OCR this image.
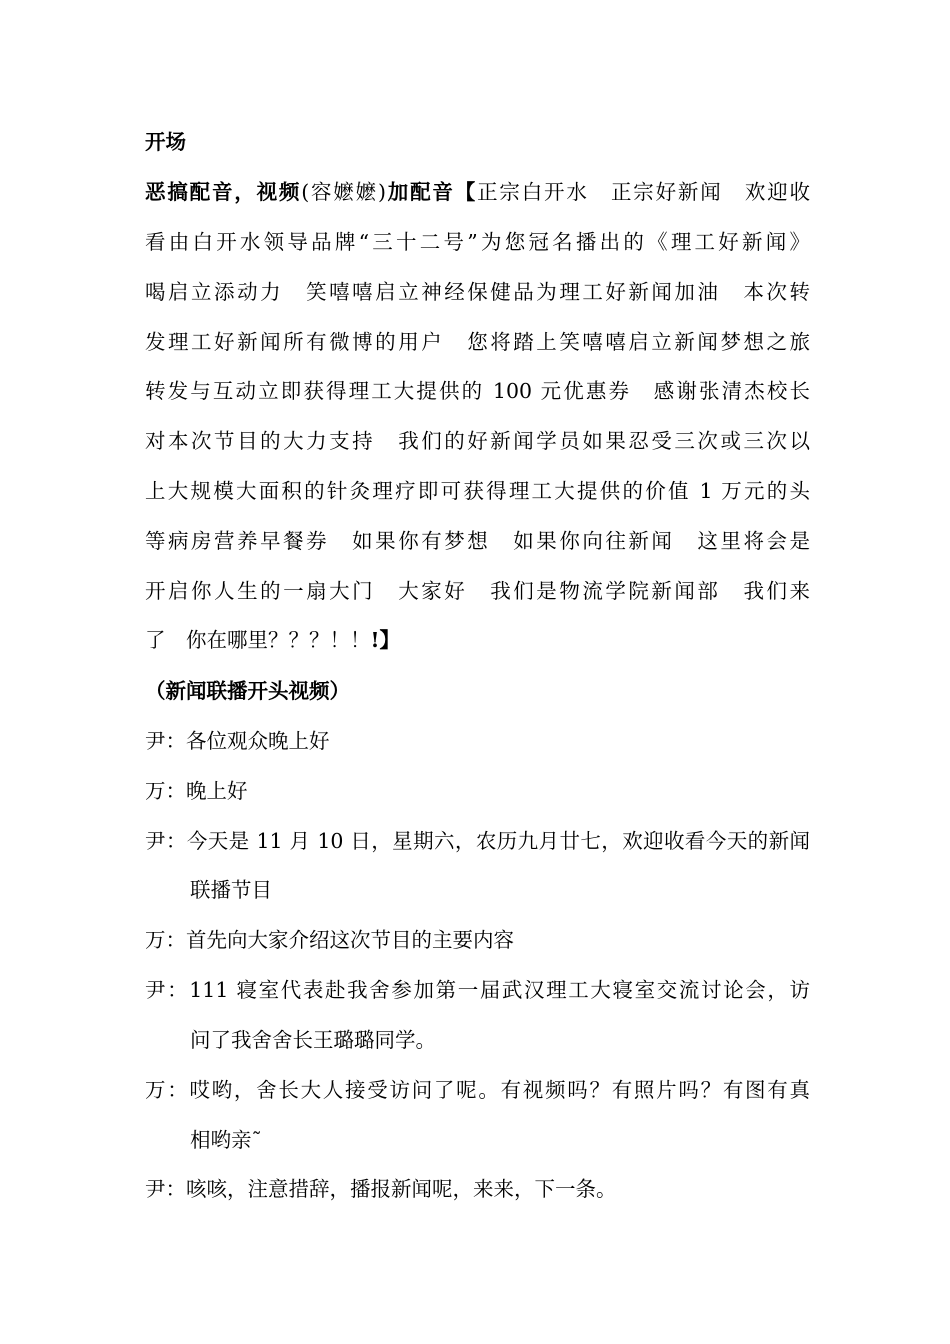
开场
恶搞配音，视频(容嬷嬷)加配音【正宗白开水　正宗好新闻　欢迎收
看由白开水领导品牌“三十二号”为您冠名播出的《理工好新闻》
喝启立添动力　笑嘻嘻启立神经保健品为理工好新闻加油　本次转
发理工好新闻所有微博的用户　您将踏上笑嘻嘻启立新闻梦想之旅
转发与互动立即获得理工大提供的 100 元优惠券　感谢张清杰校长
对本次节目的大力支持　我们的好新闻学员如果忍受三次或三次以
上大规模大面积的针灸理疗即可获得理工大提供的价值 1 万元的头
等病房营养早餐券　如果你有梦想　如果你向往新闻　这里将会是
开启你人生的一扇大门　大家好　我们是物流学院新闻部　我们来
了　你在哪里？？？！！!】
（新闻联播开头视频）
尹：各位观众晚上好
万：晚上好
尹：今天是 11 月 10 日，星期六，农历九月廿七，欢迎收看今天的新闻
联播节目
万：首先向大家介绍这次节目的主要内容
尹：111 寝室代表赴我舍参加第一届武汉理工大寝室交流讨论会，访
问了我舍舍长王璐璐同学。
万：哎哟，舍长大人接受访问了呢。有视频吗？有照片吗？有图有真
相哟亲˜
尹：咳咳，注意措辞，播报新闻呢，来来，下一条。
